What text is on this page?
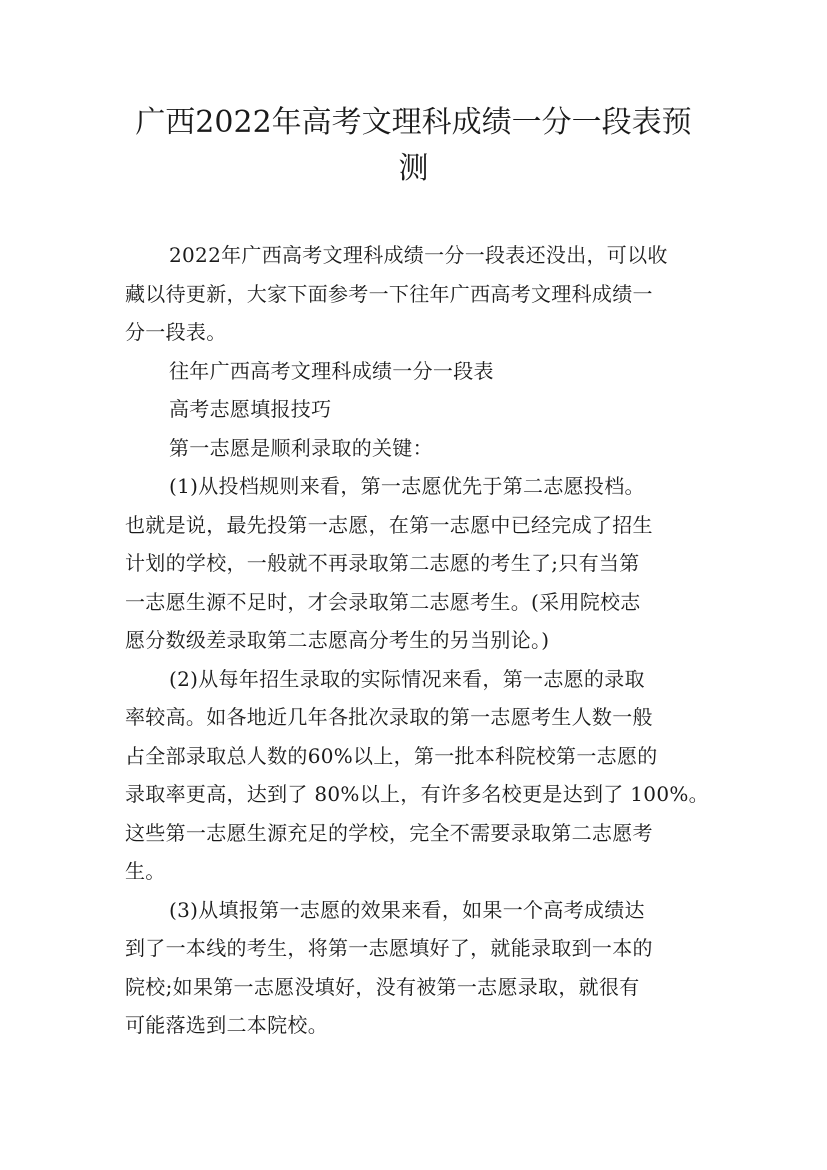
广西2022年高考文理科成绩一分一段表预
测
2022年广西高考文理科成绩一分一段表还没出，可以收
藏以待更新，大家下面参考一下往年广西高考文理科成绩一
分一段表。
往年广西高考文理科成绩一分一段表
高考志愿填报技巧
第一志愿是顺利录取的关键：
(1)从投档规则来看，第一志愿优先于第二志愿投档。
也就是说，最先投第一志愿，在第一志愿中已经完成了招生
计划的学校，一般就不再录取第二志愿的考生了;只有当第
一志愿生源不足时，才会录取第二志愿考生。(采用院校志
愿分数级差录取第二志愿高分考生的另当别论。)
(2)从每年招生录取的实际情况来看，第一志愿的录取
率较高。如各地近几年各批次录取的第一志愿考生人数一般
占全部录取总人数的60%以上，第一批本科院校第一志愿的
录取率更高，达到了 80%以上，有许多名校更是达到了 100%。
这些第一志愿生源充足的学校，完全不需要录取第二志愿考
生。
(3)从填报第一志愿的效果来看，如果一个高考成绩达
到了一本线的考生，将第一志愿填好了，就能录取到一本的
院校;如果第一志愿没填好，没有被第一志愿录取，就很有
可能落选到二本院校。
